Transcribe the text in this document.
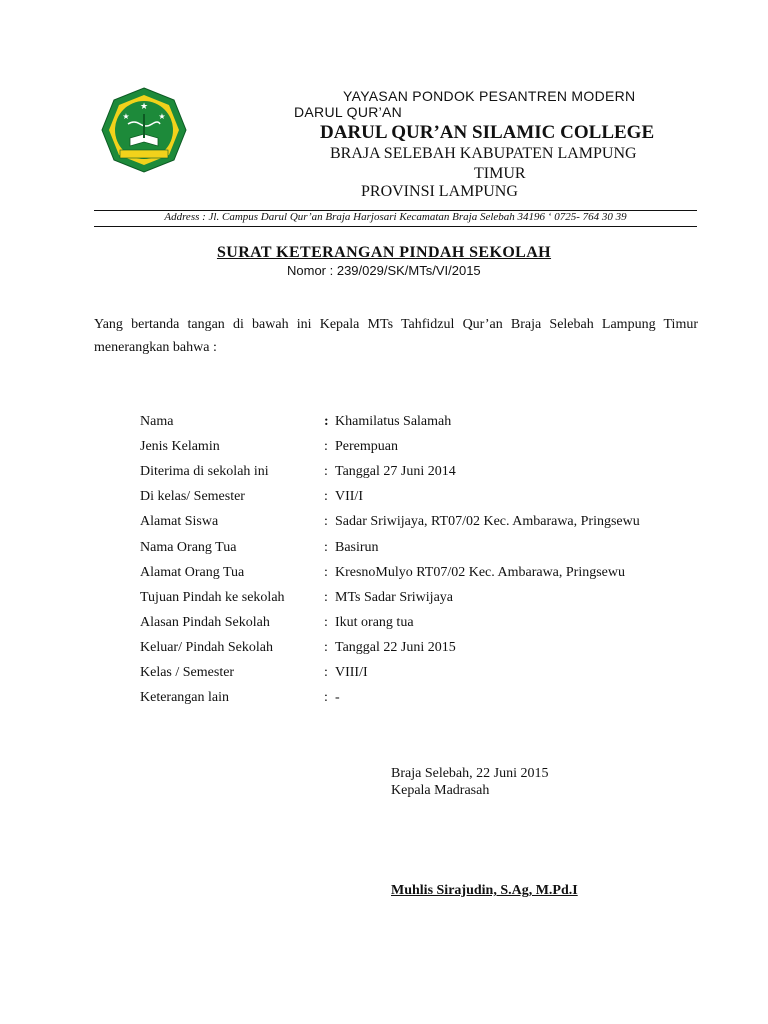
★
★	★
YAYASAN PONDOK PESANTREN MODERN
DARUL QUR’AN
DARUL QUR’AN SILAMIC COLLEGE
BRAJA SELEBAH KABUPATEN LAMPUNG
TIMUR
PROVINSI LAMPUNG
Address : Jl. Campus Darul Qur’an Braja Harjosari Kecamatan Braja Selebah 34196 ‘ 0725- 764 30 39
SURAT KETERANGAN PINDAH SEKOLAH
Nomor : 239/029/SK/MTs/VI/2015
Yang bertanda tangan di bawah ini Kepala MTs Tahfidzul Qur’an Braja Selebah Lampung Timur menerangkan bahwa :
Nama	: Khamilatus Salamah
Jenis Kelamin	: Perempuan
Diterima di sekolah ini	: Tanggal 27 Juni 2014
Di kelas/ Semester	: VII/I
Alamat Siswa	: Sadar Sriwijaya, RT07/02 Kec. Ambarawa, Pringsewu
Nama Orang Tua	: Basirun
Alamat Orang Tua	: KresnoMulyo RT07/02 Kec. Ambarawa, Pringsewu
Tujuan Pindah ke sekolah	: MTs Sadar Sriwijaya
Alasan Pindah Sekolah	: Ikut orang tua
Keluar/ Pindah Sekolah	: Tanggal 22 Juni 2015
Kelas / Semester	: VIII/I
Keterangan lain	: -
Braja Selebah, 22 Juni 2015
Kepala Madrasah
Muhlis Sirajudin, S.Ag, M.Pd.I
